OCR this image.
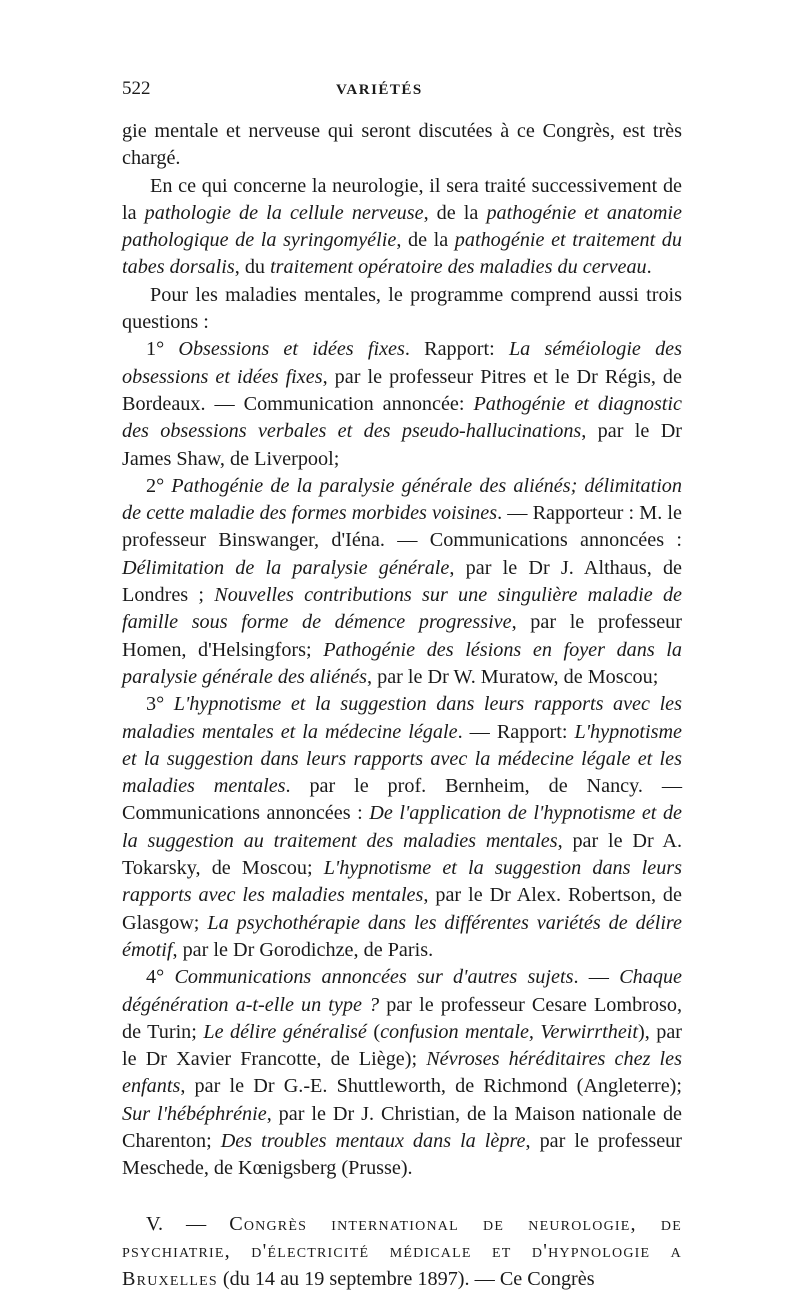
522	VARIÉTÉS

gie mentale et nerveuse qui seront discutées à ce Congrès, est très chargé.

En ce qui concerne la neurologie, il sera traité successivement de la pathologie de la cellule nerveuse, de la pathogénie et anatomie pathologique de la syringomyélie, de la pathogénie et traitement du tabes dorsalis, du traitement opératoire des maladies du cerveau.

Pour les maladies mentales, le programme comprend aussi trois questions :

1° Obsessions et idées fixes. Rapport: La séméiologie des obsessions et idées fixes, par le professeur Pitres et le Dr Régis, de Bordeaux. — Communication annoncée: Pathogénie et diagnostic des obsessions verbales et des pseudo-hallucinations, par le Dr James Shaw, de Liverpool;

2° Pathogénie de la paralysie générale des aliénés; délimitation de cette maladie des formes morbides voisines. — Rapporteur : M. le professeur Binswanger, d'Iéna. — Communications annoncées : Délimitation de la paralysie générale, par le Dr J. Althaus, de Londres ; Nouvelles contributions sur une singulière maladie de famille sous forme de démence progressive, par le professeur Homen, d'Helsingfors; Pathogénie des lésions en foyer dans la paralysie générale des aliénés, par le Dr W. Muratow, de Moscou;

3° L'hypnotisme et la suggestion dans leurs rapports avec les maladies mentales et la médecine légale. — Rapport: L'hypnotisme et la suggestion dans leurs rapports avec la médecine légale et les maladies mentales. par le prof. Bernheim, de Nancy. — Communications annoncées : De l'application de l'hypnotisme et de la suggestion au traitement des maladies mentales, par le Dr A. Tokarsky, de Moscou; L'hypnotisme et la suggestion dans leurs rapports avec les maladies mentales, par le Dr Alex. Robertson, de Glasgow; La psychothérapie dans les différentes variétés de délire émotif, par le Dr Gorodichze, de Paris.

4° Communications annoncées sur d'autres sujets. — Chaque dégénération a-t-elle un type ? par le professeur Cesare Lombroso, de Turin; Le délire généralisé (confusion mentale, Verwirrtheit), par le Dr Xavier Francotte, de Liège); Névroses héréditaires chez les enfants, par le Dr G.-E. Shuttleworth, de Richmond (Angleterre); Sur l'hébéphrénie, par le Dr J. Christian, de la Maison nationale de Charenton; Des troubles mentaux dans la lèpre, par le professeur Meschede, de Kœnigsberg (Prusse).

V. — Congrès international de neurologie, de psychiatrie, d'électricité médicale et d'hypnologie a Bruxelles (du 14 au 19 septembre 1897). — Ce Congrès
